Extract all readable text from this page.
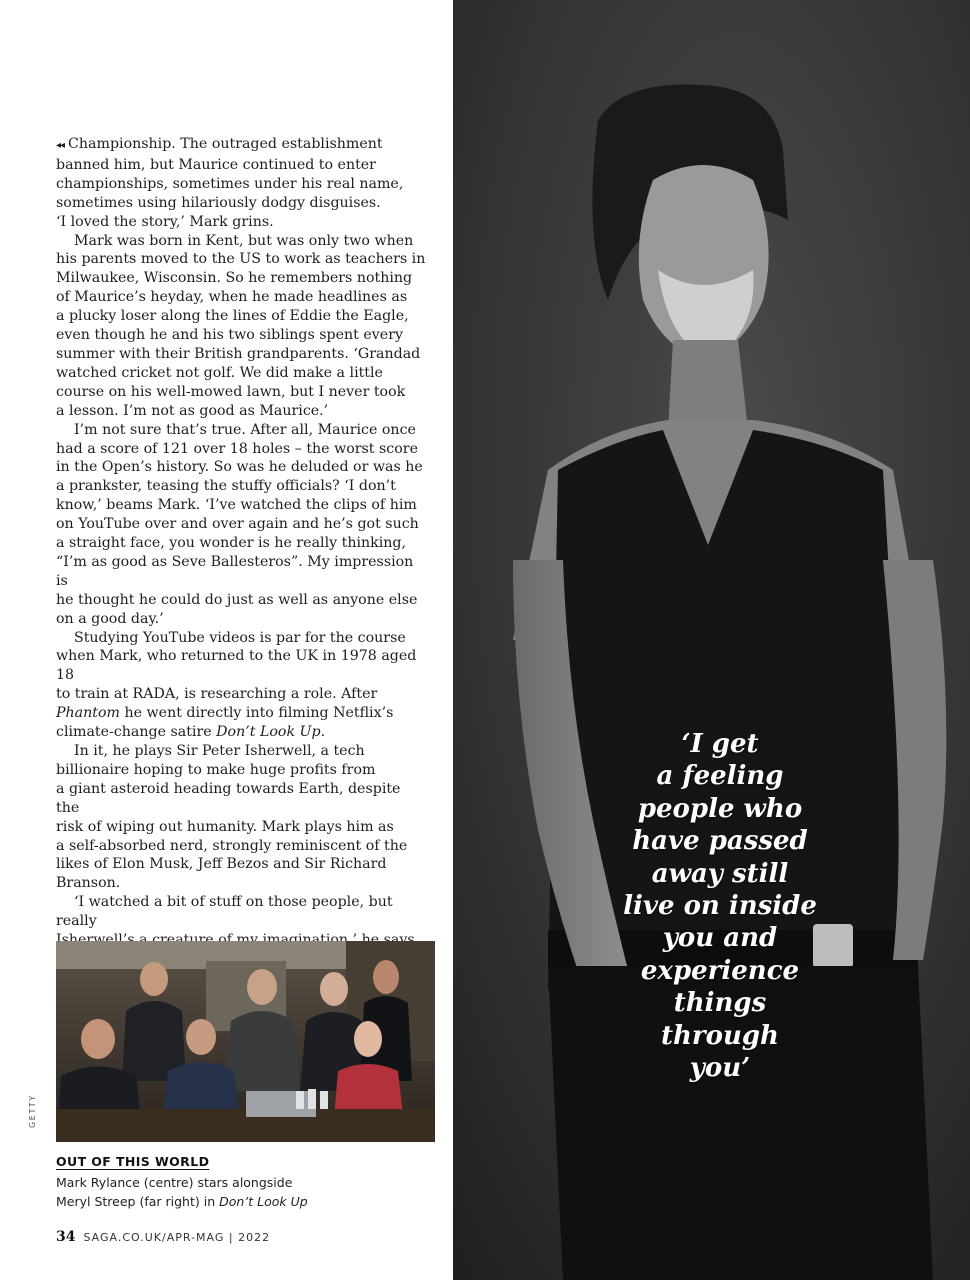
◂◂ Championship. The outraged establishment
banned him, but Maurice continued to enter
championships, sometimes under his real name,
sometimes using hilariously dodgy disguises.
‘I loved the story,’ Mark grins.

Mark was born in Kent, but was only two when
his parents moved to the US to work as teachers in
Milwaukee, Wisconsin. So he remembers nothing
of Maurice’s heyday, when he made headlines as
a plucky loser along the lines of Eddie the Eagle,
even though he and his two siblings spent every
summer with their British grandparents. ‘Grandad
watched cricket not golf. We did make a little
course on his well-mowed lawn, but I never took
a lesson. I’m not as good as Maurice.’

I’m not sure that’s true. After all, Maurice once
had a score of 121 over 18 holes – the worst score
in the Open’s history. So was he deluded or was he
a prankster, teasing the stuffy officials? ‘I don’t
know,’ beams Mark. ‘I’ve watched the clips of him
on YouTube over and over again and he’s got such
a straight face, you wonder is he really thinking,
“I’m as good as Seve Ballesteros”. My impression is
he thought he could do just as well as anyone else
on a good day.’

Studying YouTube videos is par for the course
when Mark, who returned to the UK in 1978 aged 18
to train at RADA, is researching a role. After
Phantom he went directly into filming Netflix’s
climate-change satire Don’t Look Up.

In it, he plays Sir Peter Isherwell, a tech
billionaire hoping to make huge profits from
a giant asteroid heading towards Earth, despite the
risk of wiping out humanity. Mark plays him as
a self-absorbed nerd, strongly reminiscent of the
likes of Elon Musk, Jeff Bezos and Sir Richard Branson.

‘I watched a bit of stuff on those people, but really

GETTY
OUT OF THIS WORLD
Mark Rylance (centre) stars alongside
Meryl Streep (far right) in Don’t Look Up
34 SAGA.CO.UK/APR-MAG | 2022
‘I get
a feeling
people who
have passed
away still
live on inside
you and
experience
things
through
you’
